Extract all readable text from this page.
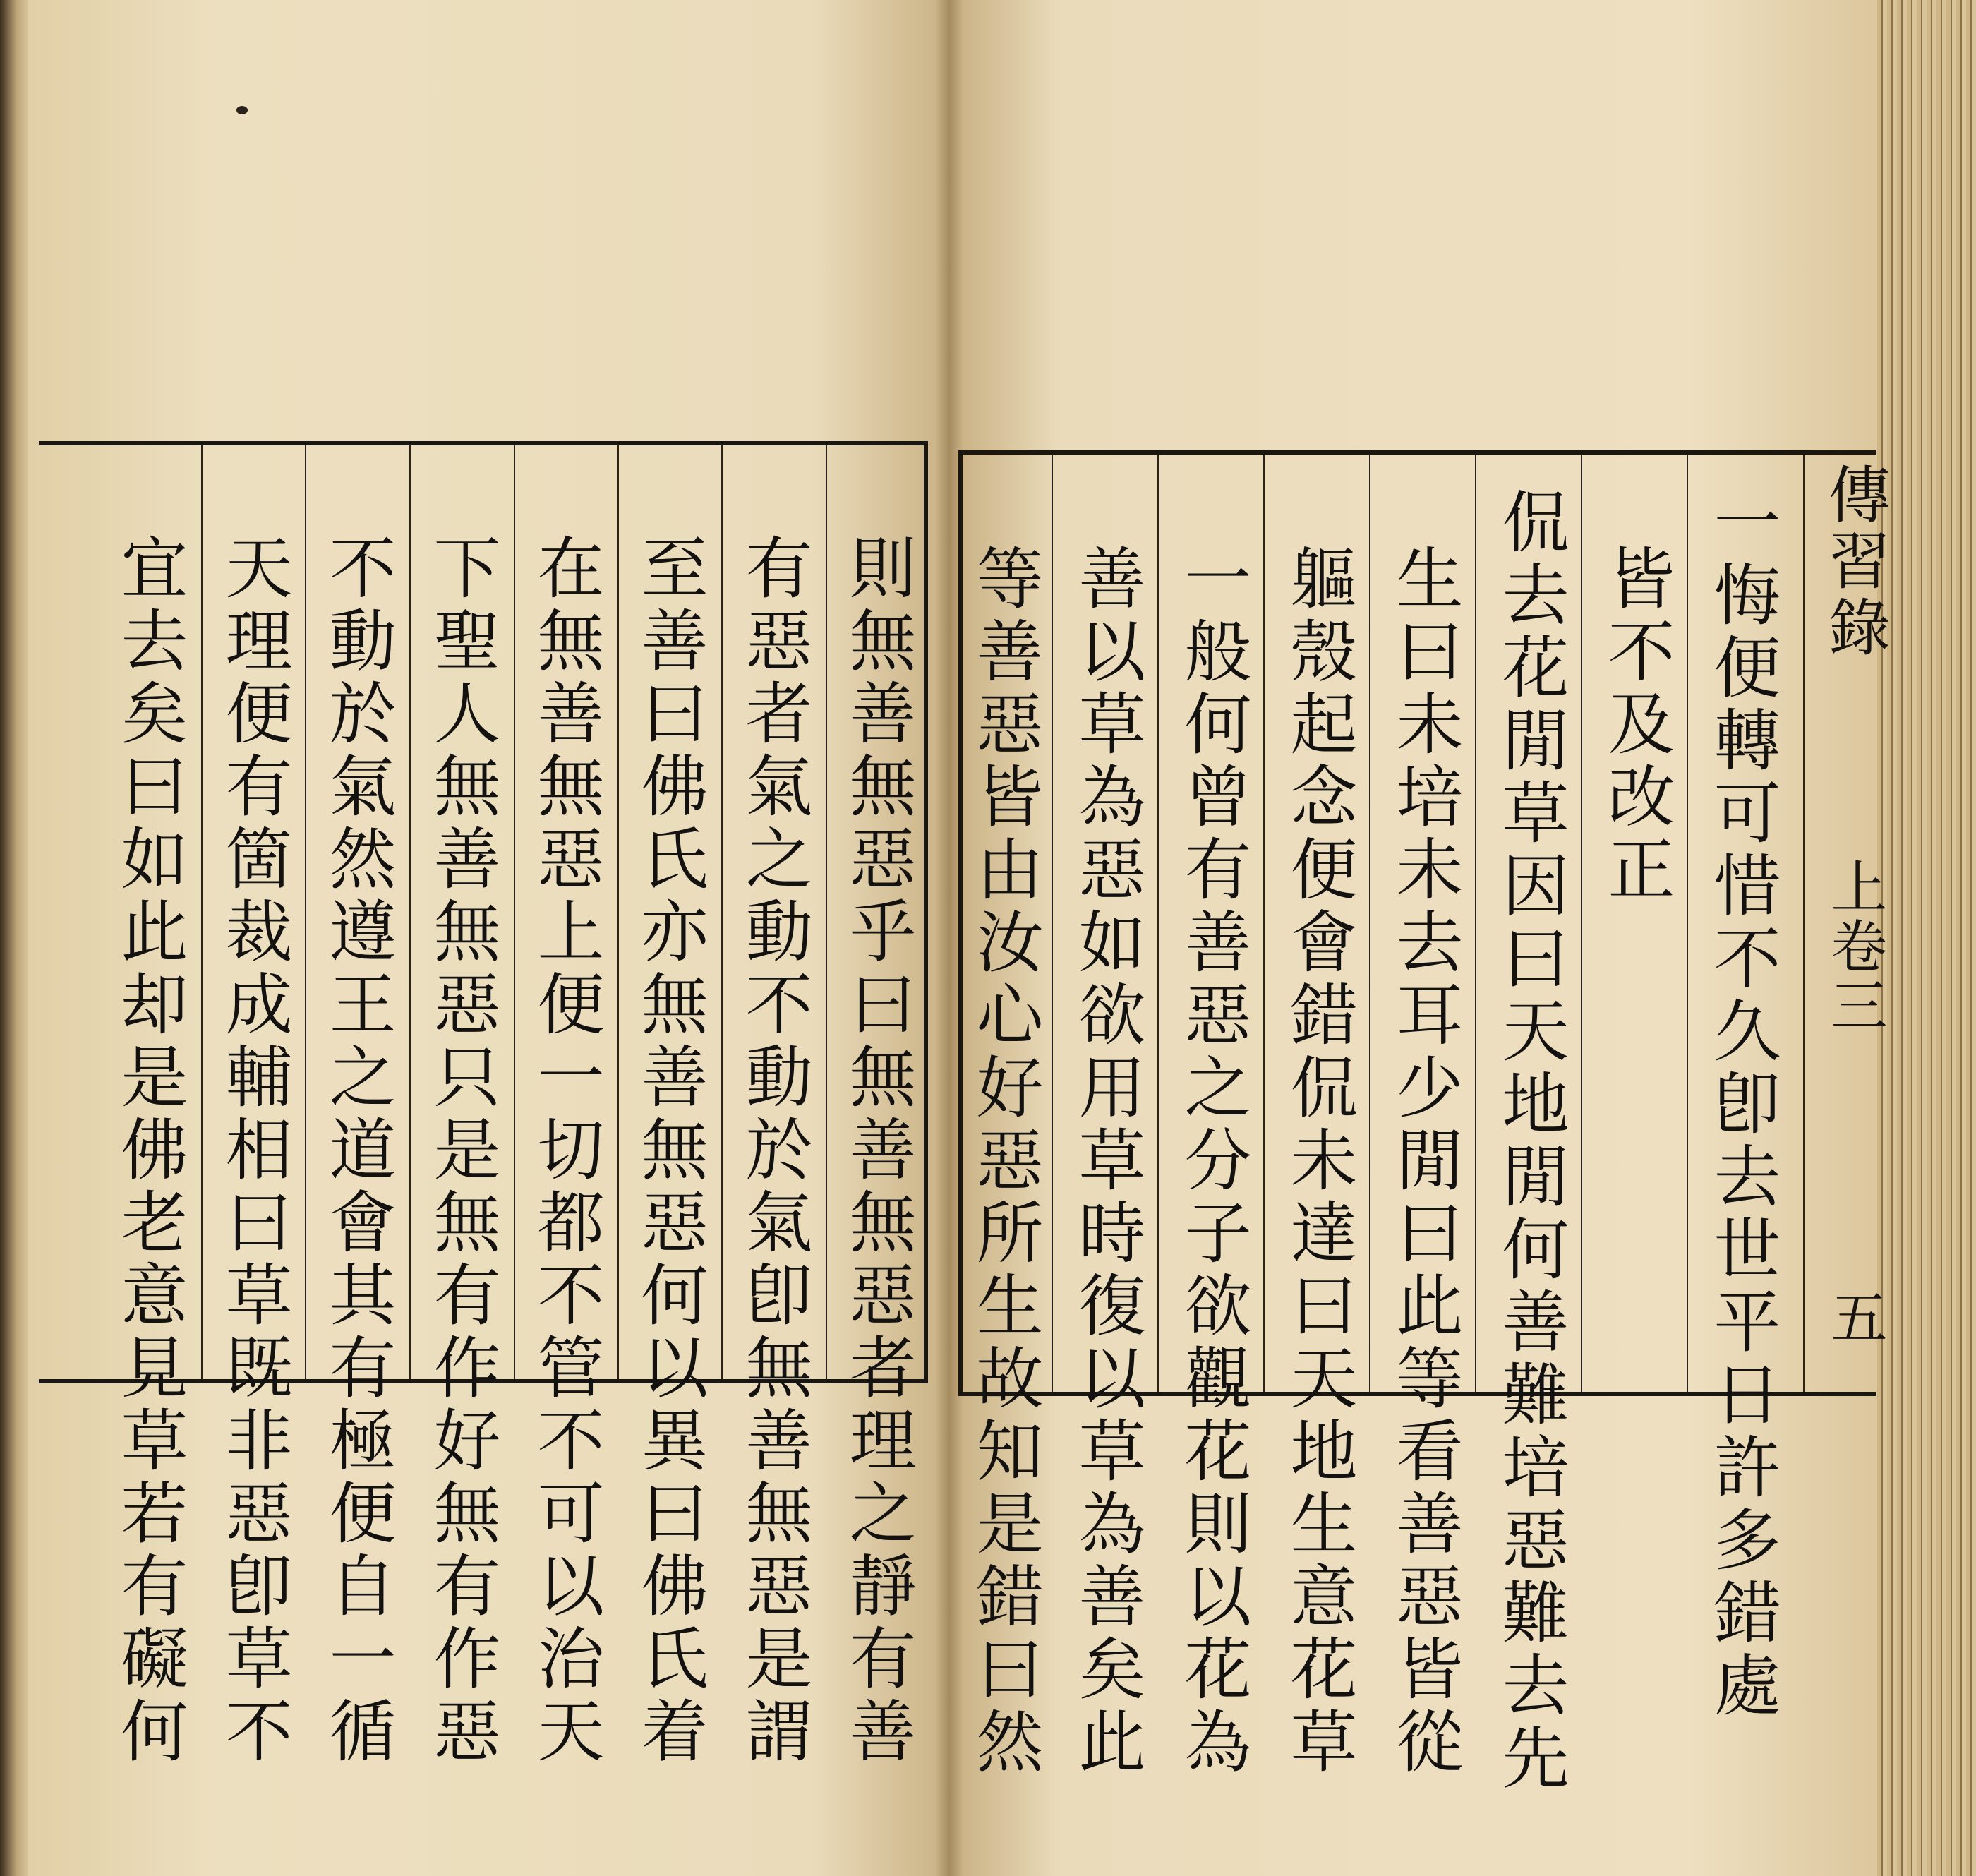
則無善無惡乎曰無善無惡者理之靜有善
有惡者氣之動不動於氣卽無善無惡是謂
至善曰佛氏亦無善無惡何以異曰佛氏着
在無善無惡上便一切都不管不可以治天
下聖人無善無惡只是無有作好無有作惡
不動於氣然遵王之道會其有極便自一循
天理便有箇裁成輔相曰草既非惡卽草不
宜去矣曰如此却是佛老意見草若有礙何	傳習錄
上卷三
五
一悔便轉可惜不久卽去世平日許多錯處
皆不及改正
侃去花閒草因曰天地閒何善難培惡難去先
生曰未培未去耳少閒曰此等看善惡皆從
軀殼起念便會錯侃未達曰天地生意花草
一般何曾有善惡之分子欲觀花則以花為
善以草為惡如欲用草時復以草為善矣此
等善惡皆由汝心好惡所生故知是錯曰然
